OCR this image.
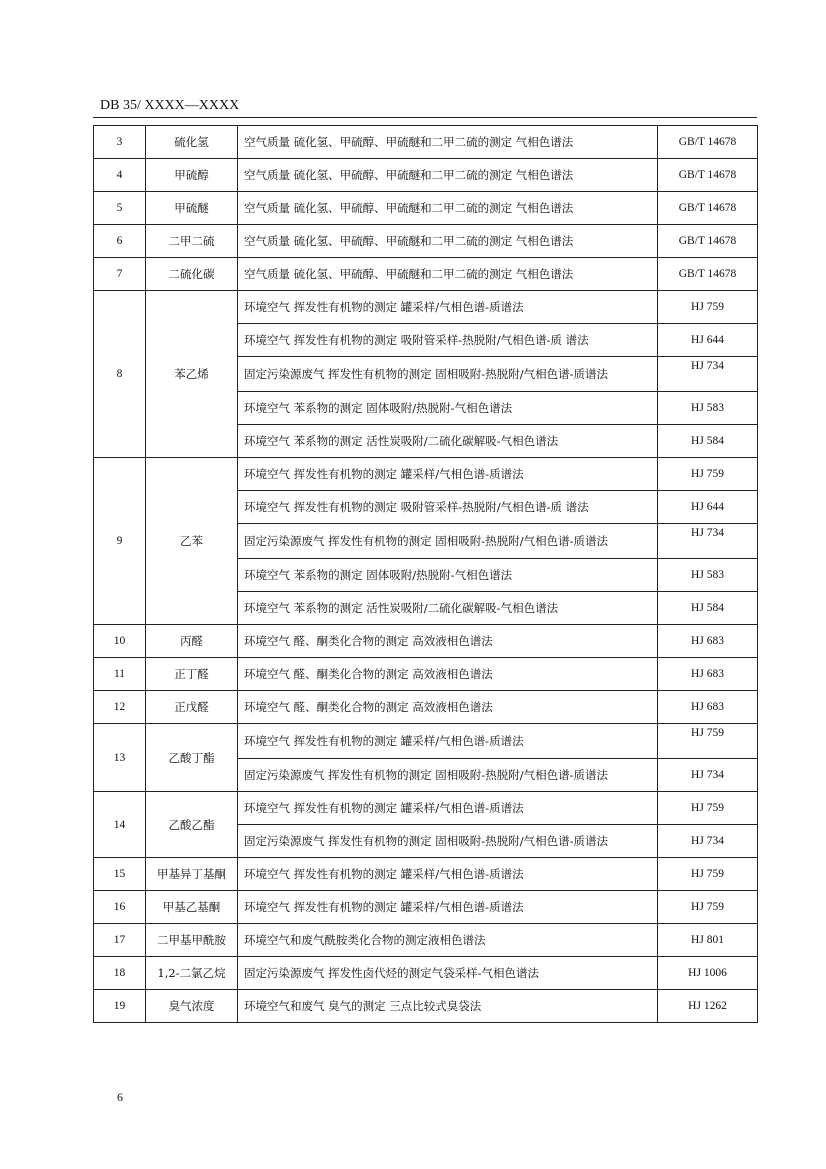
DB 35/ XXXX—XXXX
3	硫化氢	空气质量 硫化氢、甲硫醇、甲硫醚和二甲二硫的测定 气相色谱法	GB/T 14678
4	甲硫醇	空气质量 硫化氢、甲硫醇、甲硫醚和二甲二硫的测定 气相色谱法	GB/T 14678
5	甲硫醚	空气质量 硫化氢、甲硫醇、甲硫醚和二甲二硫的测定 气相色谱法	GB/T 14678
6	二甲二硫	空气质量 硫化氢、甲硫醇、甲硫醚和二甲二硫的测定 气相色谱法	GB/T 14678
7	二硫化碳	空气质量 硫化氢、甲硫醇、甲硫醚和二甲二硫的测定 气相色谱法	GB/T 14678
8	苯乙烯	环境空气 挥发性有机物的测定 罐采样/气相色谱-质谱法	HJ 759
		环境空气 挥发性有机物的测定 吸附管采样-热脱附/气相色谱-质 谱法	HJ 644
		固定污染源废气 挥发性有机物的测定 固相吸附-热脱附/气相色谱-质谱法	HJ 734
		环境空气 苯系物的测定 固体吸附/热脱附-气相色谱法	HJ 583
		环境空气 苯系物的测定 活性炭吸附/二硫化碳解吸-气相色谱法	HJ 584
9	乙苯	环境空气 挥发性有机物的测定 罐采样/气相色谱-质谱法	HJ 759
		环境空气 挥发性有机物的测定 吸附管采样-热脱附/气相色谱-质 谱法	HJ 644
		固定污染源废气 挥发性有机物的测定 固相吸附-热脱附/气相色谱-质谱法	HJ 734
		环境空气 苯系物的测定 固体吸附/热脱附-气相色谱法	HJ 583
		环境空气 苯系物的测定 活性炭吸附/二硫化碳解吸-气相色谱法	HJ 584
10	丙醛	环境空气 醛、酮类化合物的测定 高效液相色谱法	HJ 683
11	正丁醛	环境空气 醛、酮类化合物的测定 高效液相色谱法	HJ 683
12	正戊醛	环境空气 醛、酮类化合物的测定 高效液相色谱法	HJ 683
13	乙酸丁酯	环境空气 挥发性有机物的测定 罐采样/气相色谱-质谱法	HJ 759
		固定污染源废气 挥发性有机物的测定 固相吸附-热脱附/气相色谱-质谱法	HJ 734
14	乙酸乙酯	环境空气 挥发性有机物的测定 罐采样/气相色谱-质谱法	HJ 759
		固定污染源废气 挥发性有机物的测定 固相吸附-热脱附/气相色谱-质谱法	HJ 734
15	甲基异丁基酮	环境空气 挥发性有机物的测定 罐采样/气相色谱-质谱法	HJ 759
16	甲基乙基酮	环境空气 挥发性有机物的测定 罐采样/气相色谱-质谱法	HJ 759
17	二甲基甲酰胺	环境空气和废气酰胺类化合物的测定液相色谱法	HJ 801
18	1,2-二氯乙烷	固定污染源废气 挥发性卤代烃的测定气袋采样-气相色谱法	HJ 1006
19	臭气浓度	环境空气和废气 臭气的测定 三点比较式臭袋法	HJ 1262
6
